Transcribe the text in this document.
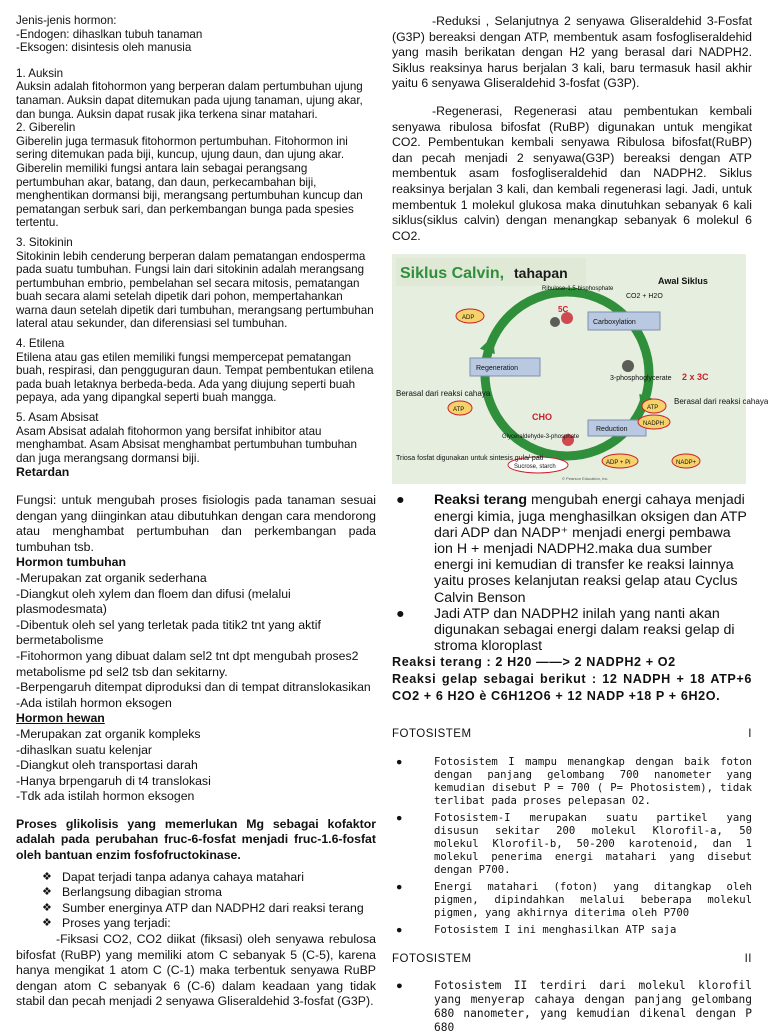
Jenis-jenis hormon:

-Endogen: dihaslkan tubuh tanaman

-Eksogen: disintesis oleh manusia

1. Auksin

Auksin adalah fitohormon yang berperan dalam pertumbuhan ujung tanaman. Auksin dapat ditemukan pada ujung tanaman, ujung akar, dan bunga. Auksin dapat rusak jika terkena sinar matahari.

2. Giberelin

Giberelin juga termasuk fitohormon pertumbuhan. Fitohormon ini sering ditemukan pada biji, kuncup, ujung daun, dan ujung akar. Giberelin memiliki fungsi antara lain sebagai perangsang pertumbuhan akar, batang, dan daun, perkecambahan biji, menghentikan dormansi biji, merangsang pertumbuhan kuncup dan pematangan serbuk sari, dan perkembangan bunga pada spesies tertentu.

3. Sitokinin

Sitokinin lebih cenderung berperan dalam pematangan endosperma pada suatu tumbuhan. Fungsi lain dari sitokinin adalah merangsang pertumbuhan embrio, pembelahan sel secara mitosis, pematangan buah secara alami setelah dipetik dari pohon, mempertahankan warna daun setelah dipetik dari tumbuhan, merangsang pertumbuhan lateral atau sekunder, dan diferensiasi sel tumbuhan.

4. Etilena

Etilena atau gas etilen memiliki fungsi mempercepat pematangan buah, respirasi, dan pengguguran daun. Tempat pembentukan etilena pada buah letaknya berbeda-beda. Ada yang diujung seperti buah pepaya, ada yang dipangkal seperti buah mangga.

5. Asam Absisat

Asam Absisat adalah fitohormon yang bersifat inhibitor atau menghambat. Asam Absisat menghambat pertumbuhan tumbuhan dan juga merangsang dormansi biji.

Retardan

Fungsi: untuk mengubah proses fisiologis pada tanaman sesuai dengan yang diinginkan atau dibutuhkan dengan cara mendorong atau menghambat pertumbuhan dan perkembangan pada tumbuhan tsb.

Hormon tumbuhan

-Merupakan zat organik sederhana

-Diangkut oleh xylem dan floem dan difusi (melalui plasmodesmata)

-Dibentuk oleh sel yang terletak pada titik2 tnt yang aktif bermetabolisme

-Fitohormon yang dibuat dalam sel2 tnt dpt mengubah proses2 metabolisme pd sel2 tsb dan sekitarny.

-Berpengaruh ditempat diproduksi dan di tempat ditranslokasikan

-Ada istilah hormon eksogen

Hormon hewan

-Merupakan zat organik kompleks

-dihaslkan suatu kelenjar

-Diangkut oleh transportasi darah

-Hanya brpengaruh di t4 translokasi

-Tdk ada istilah hormon eksogen

Proses glikolisis yang memerlukan Mg sebagai kofaktor adalah pada perubahan fruc-6-fosfat menjadi fruc-1.6-fosfat oleh bantuan enzim fosfofructokinase.

❖ Dapat terjadi tanpa adanya cahaya matahari
❖ Berlangsung dibagian stroma
❖ Sumber energinya ATP dan NADPH2 dari reaksi terang
❖ Proses yang terjadi:

-Fiksasi CO2, CO2 diikat (fiksasi) oleh senyawa rebulosa bifosfat (RuBP) yang memiliki atom C sebanyak 5 (C-5), karena hanya mengikat 1 atom C (C-1) maka terbentuk senyawa RuBP dengan atom C sebanyak 6 (C-6) dalam keadaan yang tidak stabil dan pecah menjadi 2 senyawa Gliseraldehid 3-fosfat (G3P).

-Reduksi , Selanjutnya 2 senyawa Gliseraldehid 3-Fosfat (G3P) bereaksi dengan ATP, membentuk asam fosfogliseraldehid yang masih berikatan dengan H2 yang berasal dari NADPH2. Siklus reaksinya harus berjalan 3 kali, baru termasuk hasil akhir yaitu 6 senyawa Gliseraldehid 3-fosfat (G3P).

-Regenerasi, Regenerasi atau pembentukan kembali senyawa ribulosa bifosfat (RuBP) digunakan untuk mengikat CO2. Pembentukan kembali senyawa Ribulosa bifosfat(RuBP) dan pecah menjadi 2 senyawa(G3P) bereaksi dengan ATP membentuk asam fosfogliseraldehid dan NADPH2. Siklus reaksinya berjalan 3 kali, dan kembali regenerasi lagi. Jadi, untuk membentuk 1 molekul glukosa maka dinutuhkan sebanyak 6 kali siklus(siklus calvin) dengan menangkap sebanyak 6 molekul 6 CO2.

Siklus Calvin, tahapan	Awal Siklus
Ribulose-1,5-bisphosphate
CO2 + H2O
5C
Carboxylation
ADP
Regeneration
3-phosphoglycerate 2 x 3C
Berasal dari reaksi cahaya
ATP	ATP
NADPH
Berasal dari reaksi cahaya
CHO
Glyceraldehyde-3-phosphate
Reduction
Triosa fosfat digunakan untuk sintesis gula/ pati
Sucrose, starch
ADP + Pi	NADP+
© Pearson Education, Inc.

● Reaksi terang mengubah energi cahaya menjadi energi kimia, juga menghasilkan oksigen dan ATP dari ADP dan NADP⁺ menjadi energi pembawa ion H + menjadi NADPH2.maka dua sumber energi ini kemudian di transfer ke reaksi lainnya yaitu proses kelanjutan reaksi gelap atau Cyclus Calvin Benson

● Jadi ATP dan NADPH2 inilah yang nanti akan digunakan sebagai energi dalam reaksi gelap di stroma kloroplast

Reaksi terang : 2 H20 ——> 2 NADPH2 + O2

Reaksi gelap sebagai berikut : 12 NADPH + 18 ATP+6 CO2 + 6 H2O è C6H12O6 + 12 NADP +18 P + 6H2O.

FOTOSISTEM	I

●	Fotosistem I mampu menangkap dengan baik foton dengan panjang gelombang 700 nanometer yang kemudian disebut P = 700 ( P= Photosistem), tidak terlibat pada proses pelepasan O2.

●	Fotosistem-I merupakan suatu partikel yang disusun sekitar 200 molekul Klorofil-a, 50 molekul Klorofil-b, 50-200 karotenoid, dan 1 molekul penerima energi matahari yang disebut dengan P700.

●	Energi matahari (foton) yang ditangkap oleh pigmen, dipindahkan melalui beberapa molekul pigmen, yang akhirnya diterima oleh P700

●	Fotosistem I ini menghasilkan ATP saja

FOTOSISTEM	II

●	Fotosistem II terdiri dari molekul klorofil yang menyerap cahaya dengan panjang gelombang 680 nanometer, yang kemudian dikenal dengan P 680
